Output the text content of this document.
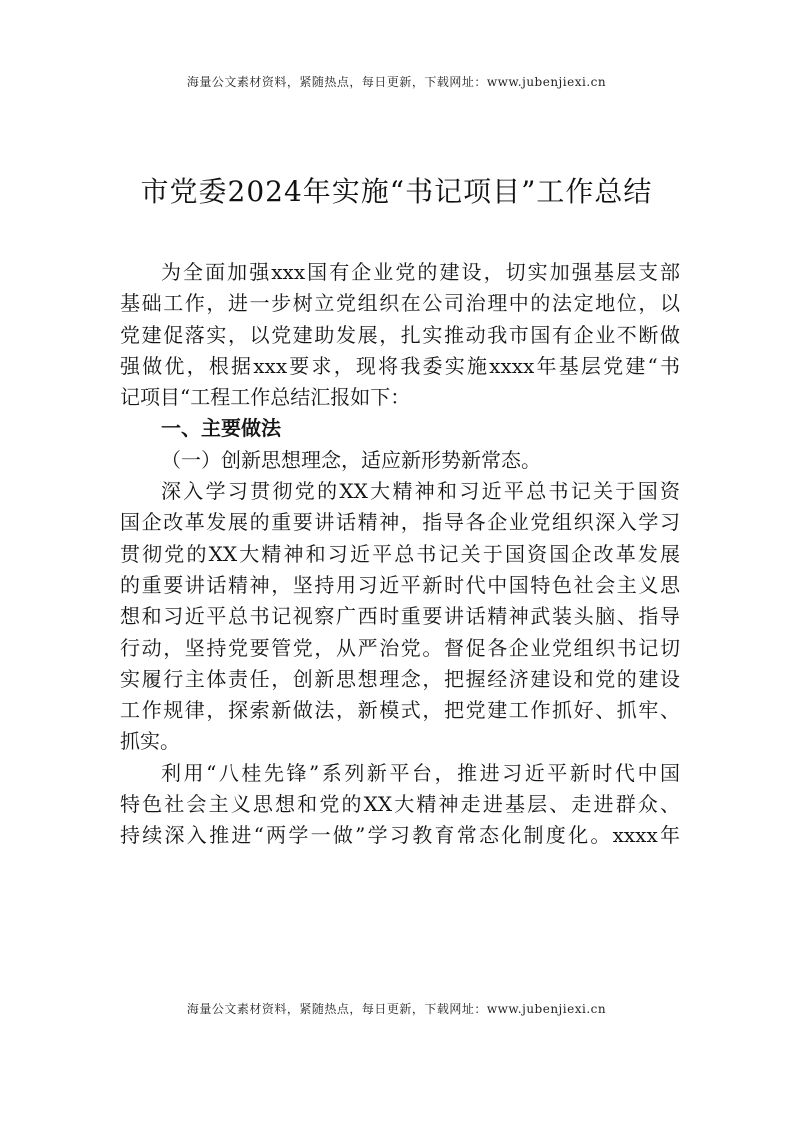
海量公文素材资料，紧随热点，每日更新，下载网址：www.jubenjiexi.cn
市党委2024年实施“书记项目”工作总结
为全面加强xxx国有企业党的建设，切实加强基层支部
基础工作，进一步树立党组织在公司治理中的法定地位，以
党建促落实，以党建助发展，扎实推动我市国有企业不断做
强做优，根据xxx要求，现将我委实施xxxx年基层党建“书
记项目“工程工作总结汇报如下：
一、主要做法
（一）创新思想理念，适应新形势新常态。
深入学习贯彻党的XX大精神和习近平总书记关于国资
国企改革发展的重要讲话精神，指导各企业党组织深入学习
贯彻党的XX大精神和习近平总书记关于国资国企改革发展
的重要讲话精神，坚持用习近平新时代中国特色社会主义思
想和习近平总书记视察广西时重要讲话精神武装头脑、指导
行动，坚持党要管党，从严治党。督促各企业党组织书记切
实履行主体责任，创新思想理念，把握经济建设和党的建设
工作规律，探索新做法，新模式，把党建工作抓好、抓牢、
抓实。
利用“八桂先锋”系列新平台，推进习近平新时代中国
特色社会主义思想和党的XX大精神走进基层、走进群众、
持续深入推进“两学一做”学习教育常态化制度化。xxxx年
海量公文素材资料，紧随热点，每日更新，下载网址：www.jubenjiexi.cn
